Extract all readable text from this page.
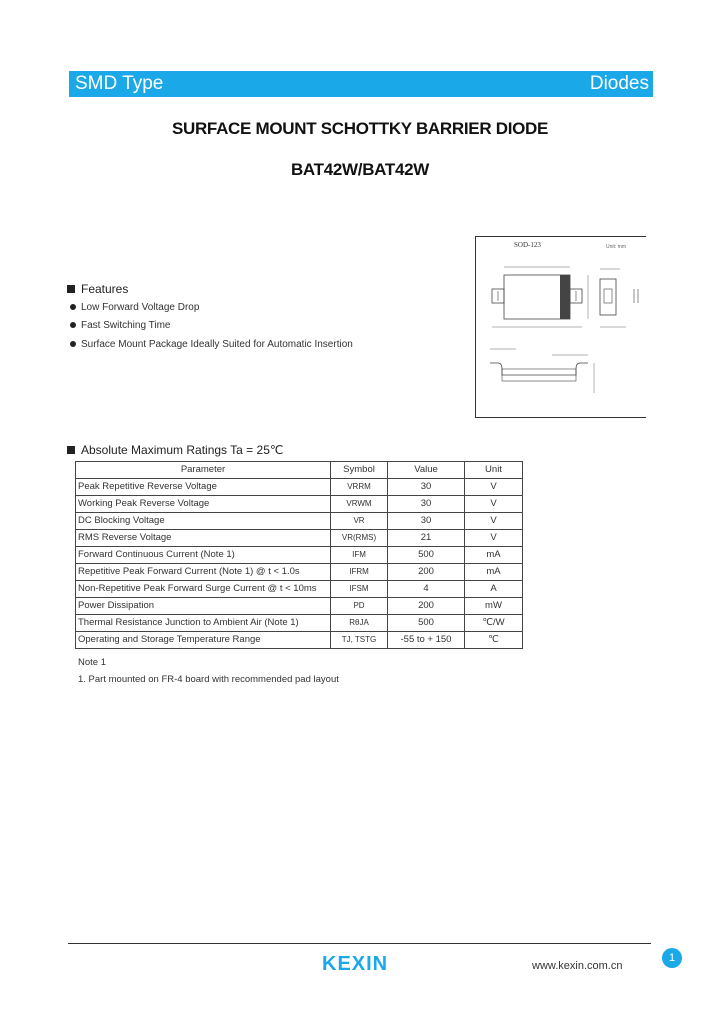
SMD Type	Diodes
SURFACE MOUNT SCHOTTKY BARRIER DIODE
BAT42W/BAT42W
SOD-123	Unit: mm
Features
Low Forward Voltage Drop
Fast Switching Time
Surface Mount Package Ideally Suited for Automatic Insertion
Absolute Maximum Ratings Ta = 25℃
Parameter	Symbol	Value	Unit
Peak Repetitive Reverse Voltage	VRRM	30	V
Working Peak Reverse Voltage	VRWM	30	V
DC Blocking Voltage	VR	30	V
RMS Reverse Voltage	VR(RMS)	21	V
Forward Continuous Current (Note 1)	IFM	500	mA
Repetitive Peak Forward Current (Note 1) @ t < 1.0s	IFRM	200	mA
Non-Repetitive Peak Forward Surge Current @ t < 10ms	IFSM	4	A
Power Dissipation	PD	200	mW
Thermal Resistance Junction to Ambient Air (Note 1)	RθJA	500	℃/W
Operating and Storage Temperature Range	TJ, TSTG	-55 to + 150	℃
Note 1
1. Part mounted on FR-4 board with recommended pad layout
KEXIN	www.kexin.com.cn
1
